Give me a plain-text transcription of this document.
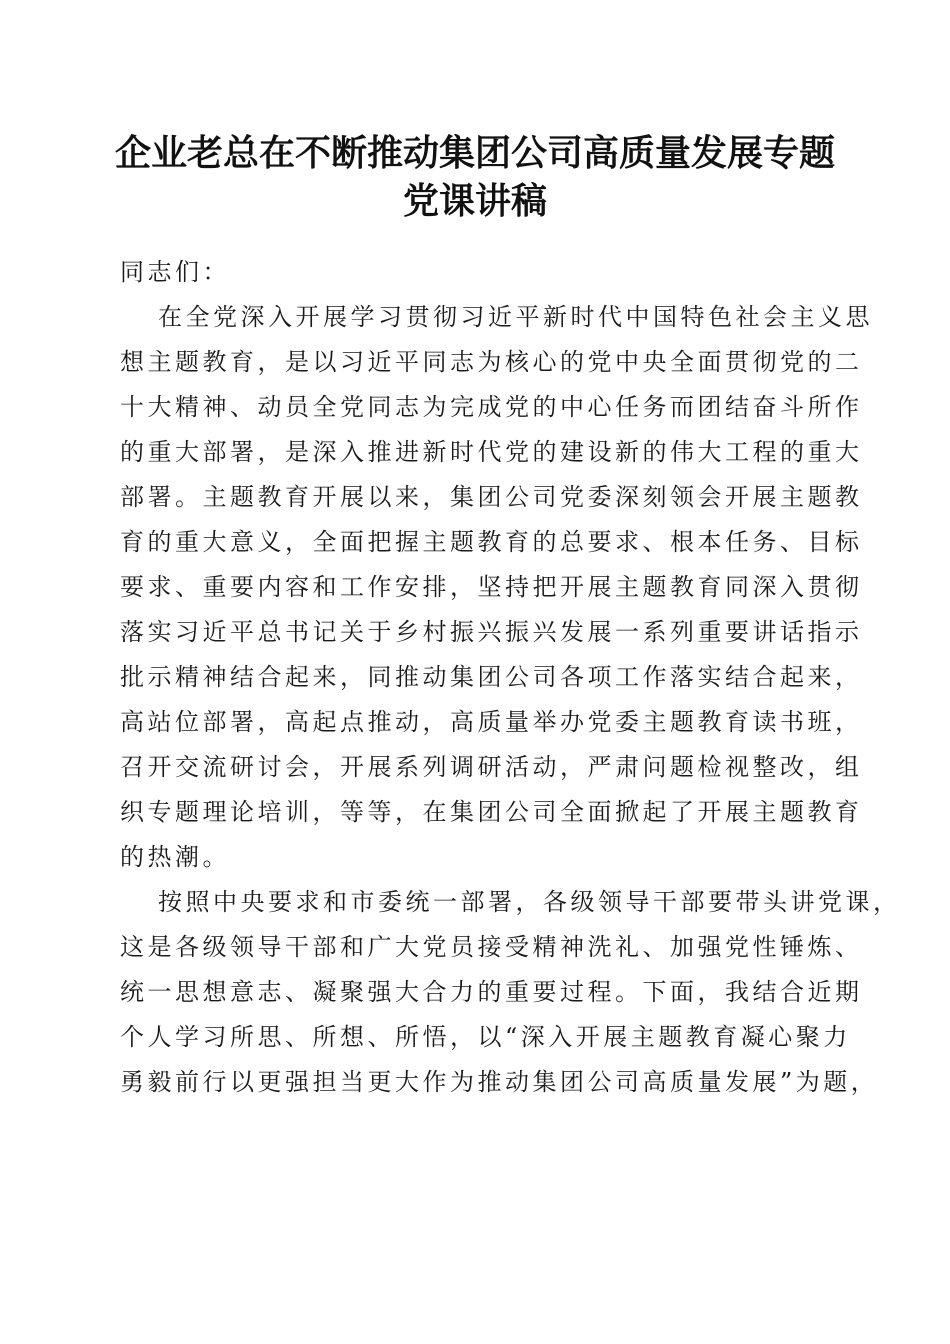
企业老总在不断推动集团公司高质量发展专题
党课讲稿
同志们：
在全党深入开展学习贯彻习近平新时代中国特色社会主义思
想主题教育，是以习近平同志为核心的党中央全面贯彻党的二
十大精神、动员全党同志为完成党的中心任务而团结奋斗所作
的重大部署，是深入推进新时代党的建设新的伟大工程的重大
部署。主题教育开展以来，集团公司党委深刻领会开展主题教
育的重大意义，全面把握主题教育的总要求、根本任务、目标
要求、重要内容和工作安排，坚持把开展主题教育同深入贯彻
落实习近平总书记关于乡村振兴振兴发展一系列重要讲话指示
批示精神结合起来，同推动集团公司各项工作落实结合起来，
高站位部署，高起点推动，高质量举办党委主题教育读书班，
召开交流研讨会，开展系列调研活动，严肃问题检视整改，组
织专题理论培训，等等，在集团公司全面掀起了开展主题教育
的热潮。
按照中央要求和市委统一部署，各级领导干部要带头讲党课，
这是各级领导干部和广大党员接受精神洗礼、加强党性锤炼、
统一思想意志、凝聚强大合力的重要过程。下面，我结合近期
个人学习所思、所想、所悟，以“深入开展主题教育凝心聚力
勇毅前行以更强担当更大作为推动集团公司高质量发展”为题，
